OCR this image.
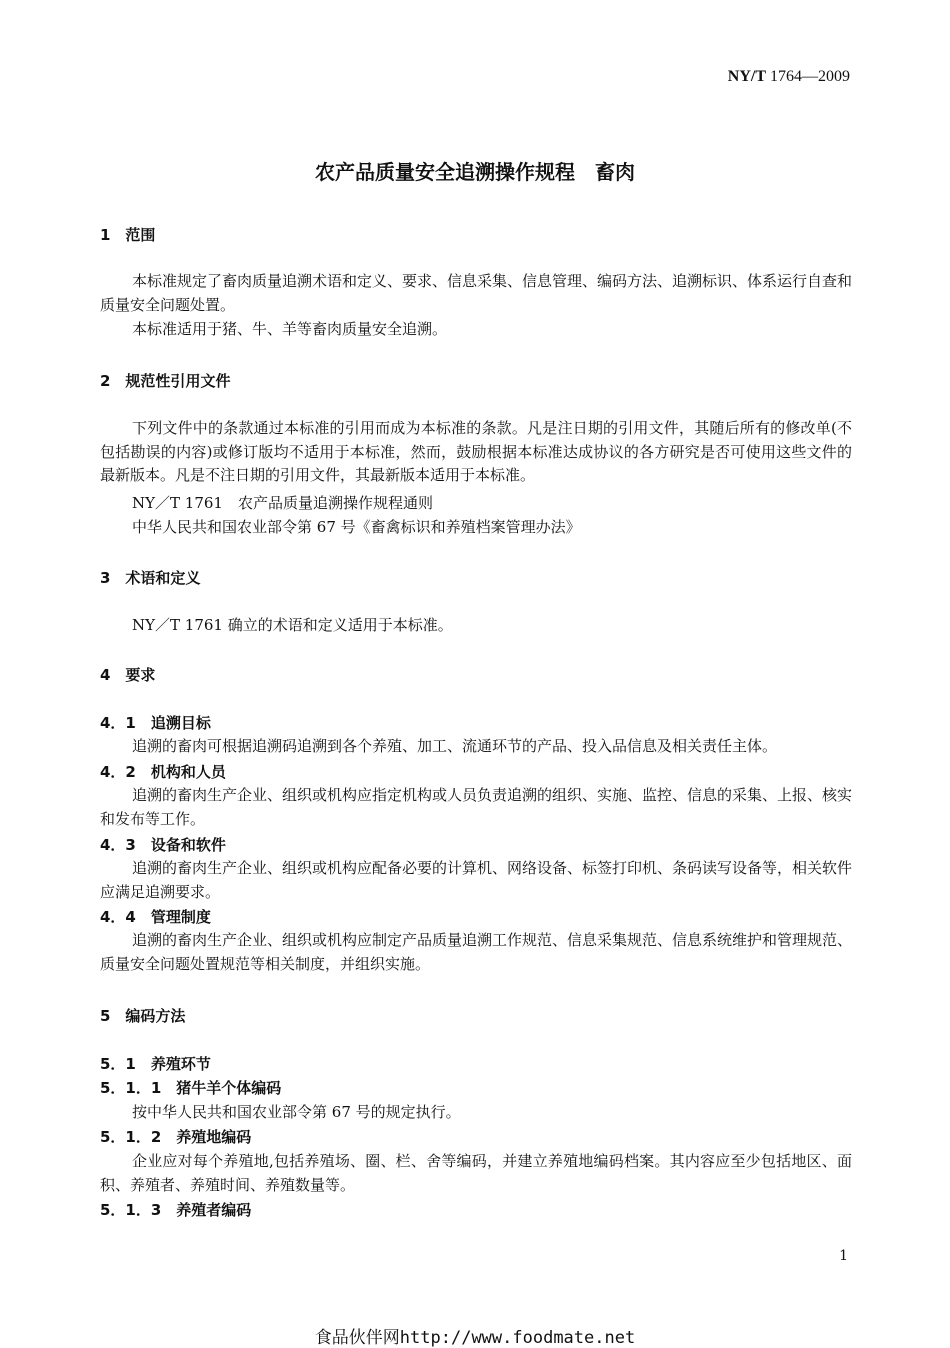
NY/T 1764—2009
农产品质量安全追溯操作规程　畜肉
1　范围
本标准规定了畜肉质量追溯术语和定义、要求、信息采集、信息管理、编码方法、追溯标识、体系运行自查和质量安全问题处置。
本标准适用于猪、牛、羊等畜肉质量安全追溯。
2　规范性引用文件
下列文件中的条款通过本标准的引用而成为本标准的条款。凡是注日期的引用文件，其随后所有的修改单(不包括勘误的内容)或修订版均不适用于本标准，然而，鼓励根据本标准达成协议的各方研究是否可使用这些文件的最新版本。凡是不注日期的引用文件，其最新版本适用于本标准。
NY／T 1761　农产品质量追溯操作规程通则
中华人民共和国农业部令第 67 号《畜禽标识和养殖档案管理办法》
3　术语和定义
NY／T 1761 确立的术语和定义适用于本标准。
4　要求
4．1　追溯目标
追溯的畜肉可根据追溯码追溯到各个养殖、加工、流通环节的产品、投入品信息及相关责任主体。
4．2　机构和人员
追溯的畜肉生产企业、组织或机构应指定机构或人员负责追溯的组织、实施、监控、信息的采集、上报、核实和发布等工作。
4．3　设备和软件
追溯的畜肉生产企业、组织或机构应配备必要的计算机、网络设备、标签打印机、条码读写设备等，相关软件应满足追溯要求。
4．4　管理制度
追溯的畜肉生产企业、组织或机构应制定产品质量追溯工作规范、信息采集规范、信息系统维护和管理规范、质量安全问题处置规范等相关制度，并组织实施。
5　编码方法
5．1　养殖环节
5．1．1　猪牛羊个体编码
按中华人民共和国农业部令第 67 号的规定执行。
5．1．2　养殖地编码
企业应对每个养殖地,包括养殖场、圈、栏、舍等编码，并建立养殖地编码档案。其内容应至少包括地区、面积、养殖者、养殖时间、养殖数量等。
5．1．3　养殖者编码
1
食品伙伴网http://www.foodmate.net
